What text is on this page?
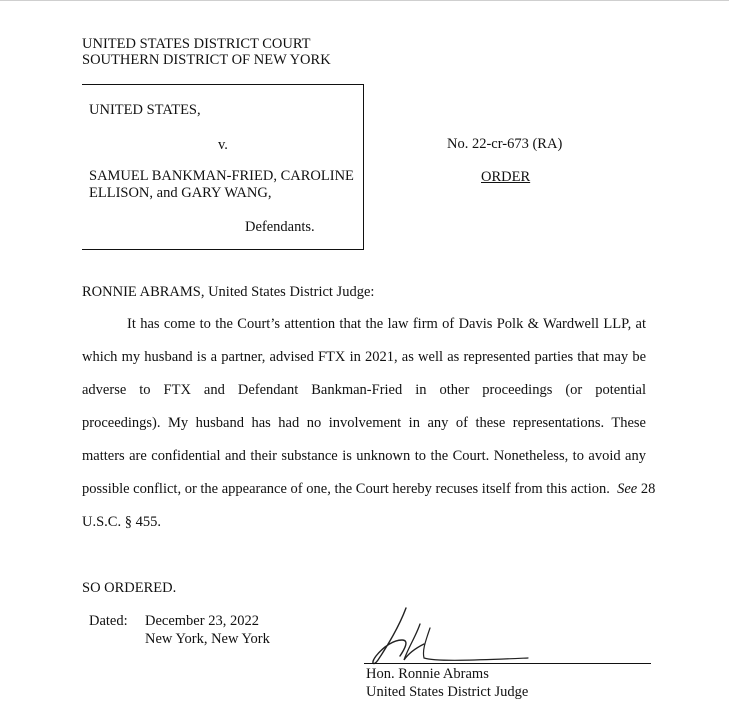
UNITED STATES DISTRICT COURT
SOUTHERN DISTRICT OF NEW YORK
UNITED STATES,
v.
SAMUEL BANKMAN-FRIED, CAROLINE
ELLISON, and GARY WANG,
Defendants.
No. 22-cr-673 (RA)
ORDER
RONNIE ABRAMS, United States District Judge:
It has come to the Court’s attention that the law firm of Davis Polk & Wardwell LLP, at
which my husband is a partner, advised FTX in 2021, as well as represented parties that may be
adverse to FTX and Defendant Bankman-Fried in other proceedings (or potential
proceedings). My husband has had no involvement in any of these representations. These
matters are confidential and their substance is unknown to the Court. Nonetheless, to avoid any
possible conflict, or the appearance of one, the Court hereby recuses itself from this action. See 28
U.S.C. § 455.
SO ORDERED.
Dated: December 23, 2022
New York, New York
Hon. Ronnie Abrams
United States District Judge
